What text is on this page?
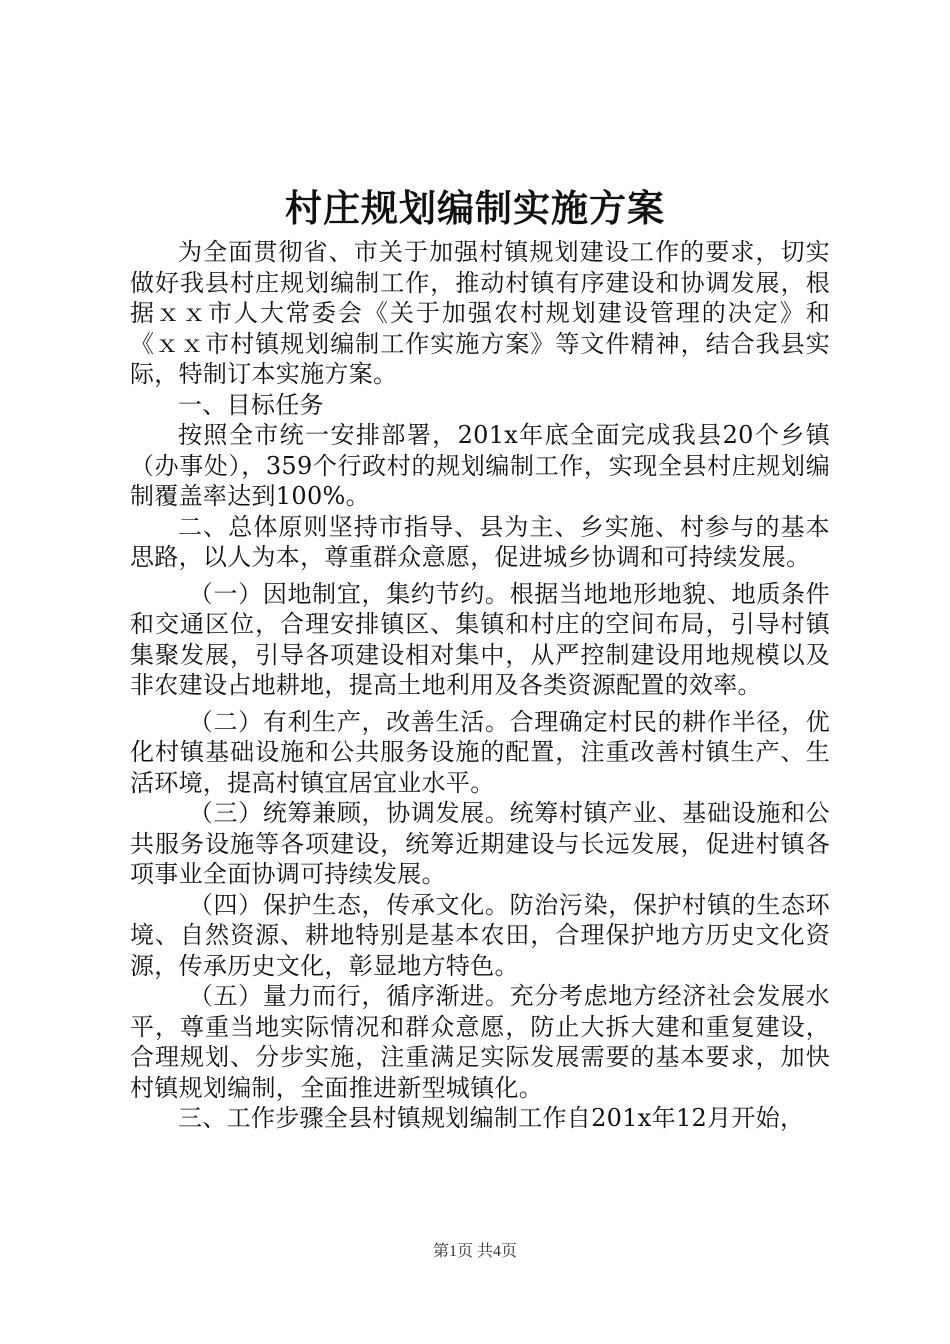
村庄规划编制实施方案

为全面贯彻省、市关于加强村镇规划建设工作的要求，切实做好我县村庄规划编制工作，推动村镇有序建设和协调发展，根据ｘｘ市人大常委会《关于加强农村规划建设管理的决定》和《ｘｘ市村镇规划编制工作实施方案》等文件精神，结合我县实际，特制订本实施方案。

一、目标任务

按照全市统一安排部署，201x年底全面完成我县20个乡镇（办事处），359个行政村的规划编制工作，实现全县村庄规划编制覆盖率达到100%。

二、总体原则坚持市指导、县为主、乡实施、村参与的基本思路，以人为本，尊重群众意愿，促进城乡协调和可持续发展。

（一）因地制宜，集约节约。根据当地地形地貌、地质条件和交通区位，合理安排镇区、集镇和村庄的空间布局，引导村镇集聚发展，引导各项建设相对集中，从严控制建设用地规模以及非农建设占地耕地，提高土地利用及各类资源配置的效率。

（二）有利生产，改善生活。合理确定村民的耕作半径，优化村镇基础设施和公共服务设施的配置，注重改善村镇生产、生活环境，提高村镇宜居宜业水平。

（三）统筹兼顾，协调发展。统筹村镇产业、基础设施和公共服务设施等各项建设，统筹近期建设与长远发展，促进村镇各项事业全面协调可持续发展。

（四）保护生态，传承文化。防治污染，保护村镇的生态环境、自然资源、耕地特别是基本农田，合理保护地方历史文化资源，传承历史文化，彰显地方特色。

（五）量力而行，循序渐进。充分考虑地方经济社会发展水平，尊重当地实际情况和群众意愿，防止大拆大建和重复建设，合理规划、分步实施，注重满足实际发展需要的基本要求，加快村镇规划编制，全面推进新型城镇化。

三、工作步骤全县村镇规划编制工作自201x年12月开始，

第1页 共4页
